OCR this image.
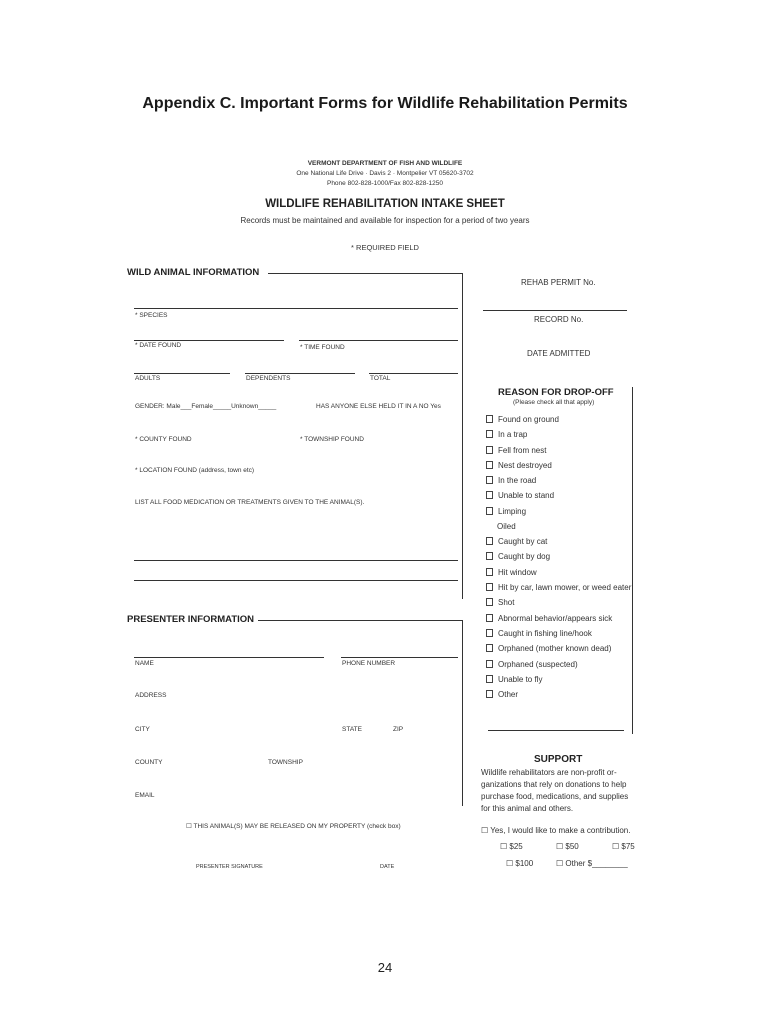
Appendix C. Important Forms for Wildlife Rehabilitation Permits
VERMONT DEPARTMENT OF FISH AND WILDLIFE
One National Life Drive · Davis 2 · Montpelier VT 05620-3702
Phone 802-828-1000/Fax 802-828-1250
WILDLIFE REHABILITATION INTAKE SHEET
Records must be maintained and available for inspection for a period of two years
* REQUIRED FIELD
WILD ANIMAL INFORMATION
* SPECIES
* DATE FOUND	* TIME FOUND
ADULTS	DEPENDENTS	TOTAL
GENDER: Male___Female_____Unknown_____	HAS ANYONE ELSE HELD IT IN A NO Yes
* COUNTY FOUND	* TOWNSHIP FOUND
* LOCATION FOUND (address, town etc)
LIST ALL FOOD MEDICATION OR TREATMENTS GIVEN TO THE ANIMAL(S).
REHAB PERMIT No.
RECORD No.
DATE ADMITTED
REASON FOR DROP-OFF
(Please check all that apply)
Found on ground
In a trap
Fell from nest
Nest destroyed
In the road
Unable to stand
Limping
Oiled
Caught by cat
Caught by dog
Hit window
Hit by car, lawn mower, or weed eater
Shot
Abnormal behavior/appears sick
Caught in fishing line/hook
Orphaned (mother known dead)
Orphaned (suspected)
Unable to fly
Other
PRESENTER INFORMATION
NAME	PHONE NUMBER
ADDRESS
CITY	STATE	ZIP
COUNTY	TOWNSHIP
EMAIL
☐ THIS ANIMAL(S) MAY BE RELEASED ON MY PROPERTY (check box)
PRESENTER SIGNATURE	DATE
SUPPORT
Wildlife rehabilitators are non-profit or-
ganizations that rely on donations to help
purchase food, medications, and supplies
for this animal and others.
☐ Yes, I would like to make a contribution.
☐ $25	☐ $50	☐ $75
☐ $100	☐ Other $________
24
